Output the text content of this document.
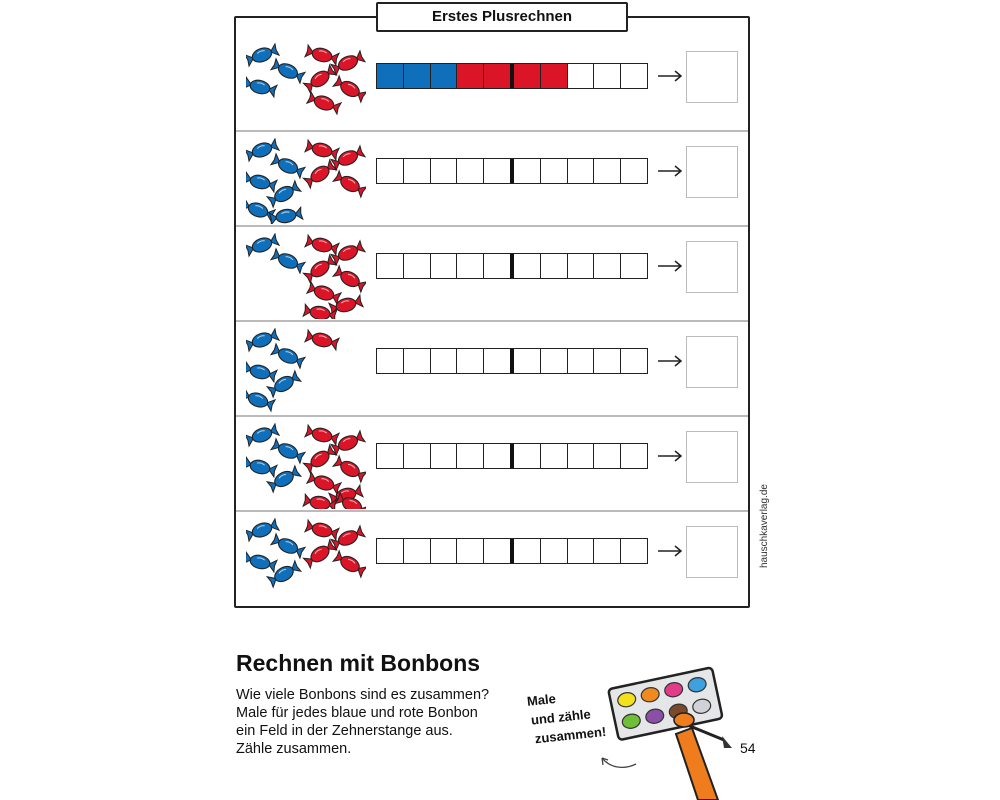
Erstes Plusrechnen
hauschkaverlag.de
Rechnen mit Bonbons
Wie viele Bonbons sind es zusammen?
Male für jedes blaue und rote Bonbon
ein Feld in der Zehnerstange aus.
Zähle zusammen.
Male
und zähle
zusammen!
54
